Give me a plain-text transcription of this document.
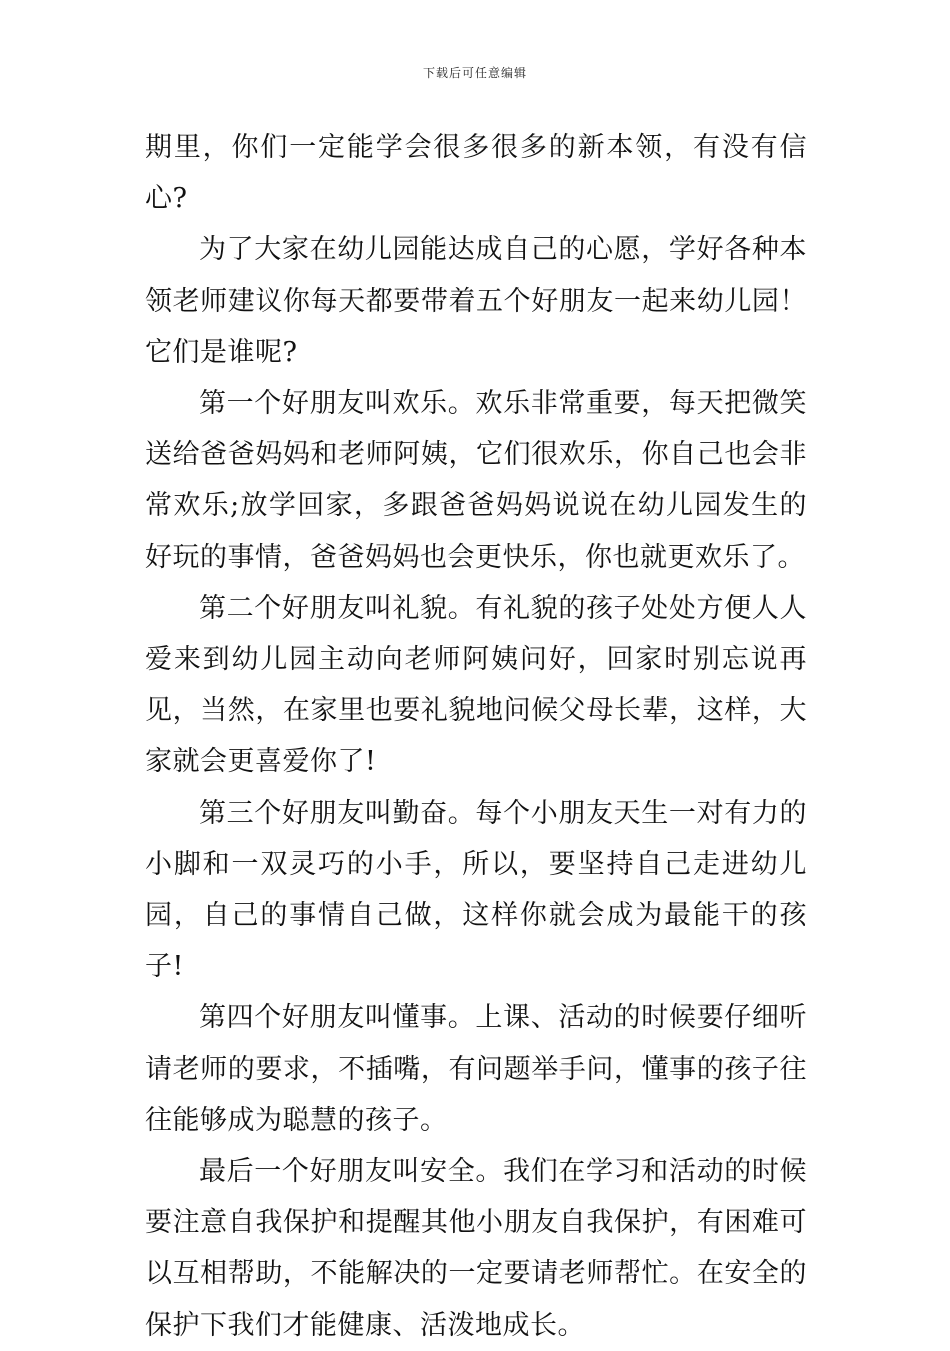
下载后可任意编辑

期里，你们一定能学会很多很多的新本领，有没有信心?

为了大家在幼儿园能达成自己的心愿，学好各种本领老师建议你每天都要带着五个好朋友一起来幼儿园！它们是谁呢?

第一个好朋友叫欢乐。欢乐非常重要，每天把微笑送给爸爸妈妈和老师阿姨，它们很欢乐，你自己也会非常欢乐;放学回家，多跟爸爸妈妈说说在幼儿园发生的好玩的事情，爸爸妈妈也会更快乐，你也就更欢乐了。

第二个好朋友叫礼貌。有礼貌的孩子处处方便人人爱来到幼儿园主动向老师阿姨问好，回家时别忘说再见，当然，在家里也要礼貌地问候父母长辈，这样，大家就会更喜爱你了!

第三个好朋友叫勤奋。每个小朋友天生一对有力的小脚和一双灵巧的小手，所以，要坚持自己走进幼儿园，自己的事情自己做，这样你就会成为最能干的孩子!

第四个好朋友叫懂事。上课、活动的时候要仔细听请老师的要求，不插嘴，有问题举手问，懂事的孩子往往能够成为聪慧的孩子。

最后一个好朋友叫安全。我们在学习和活动的时候要注意自我保护和提醒其他小朋友自我保护，有困难可以互相帮助，不能解决的一定要请老师帮忙。在安全的保护下我们才能健康、活泼地成长。
